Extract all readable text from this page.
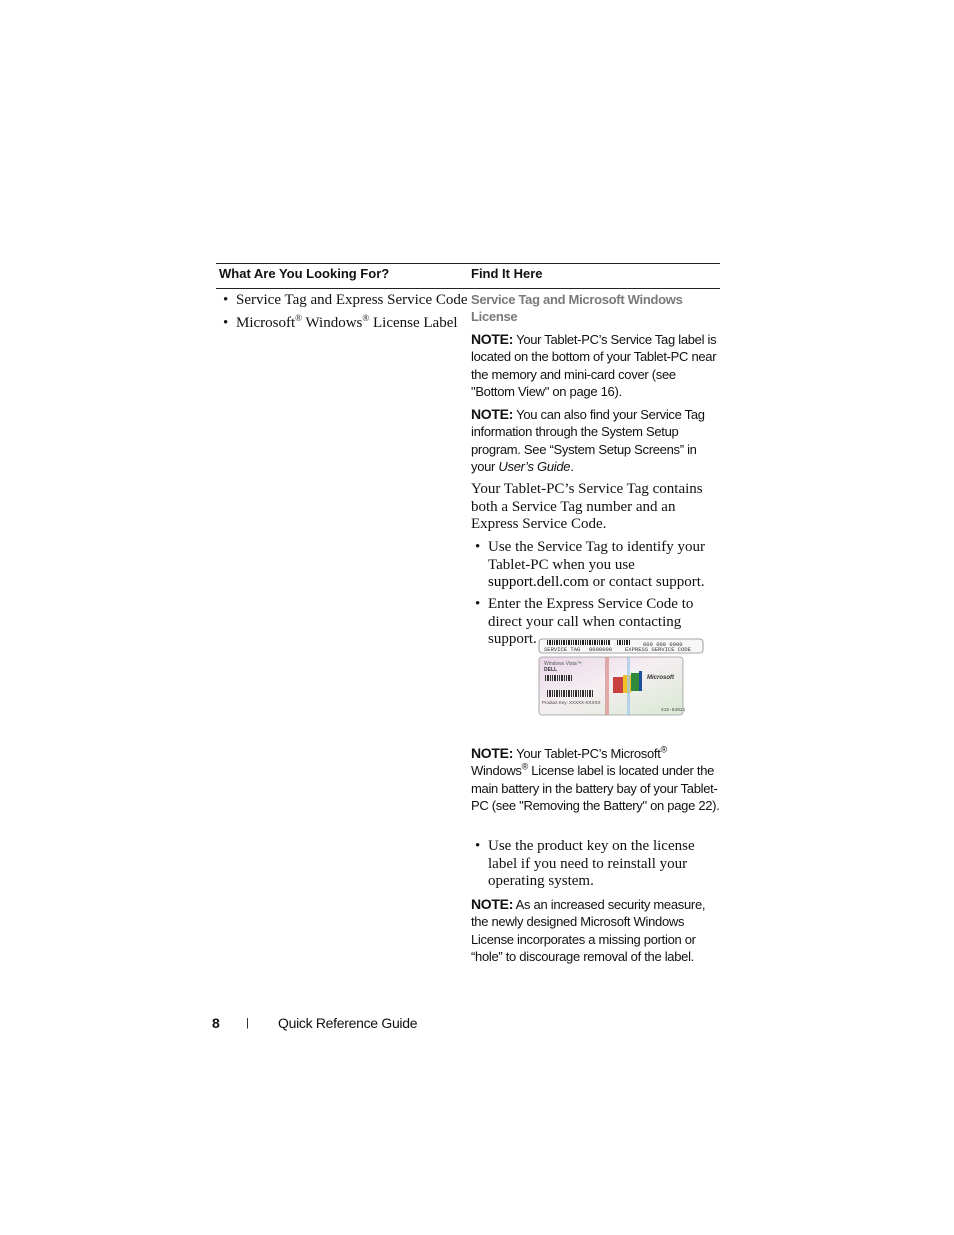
What Are You Looking For?	Find It Here
• Service Tag and Express Service Code
• Microsoft® Windows® License Label
Service Tag and Microsoft Windows License
NOTE: Your Tablet-PC’s Service Tag label is located on the bottom of your Tablet-PC near the memory and mini-card cover (see "Bottom View" on page 16).
NOTE: You can also find your Service Tag information through the System Setup program. See “System Setup Screens” in your User’s Guide.
Your Tablet-PC’s Service Tag contains both a Service Tag number and an Express Service Code.
• Use the Service Tag to identify your Tablet-PC when you use support.dell.com or contact support.
• Enter the Express Service Code to direct your call when contacting support.
SERVICE TAG 0000000
000 000 0000
EXPRESS SERVICE CODE
Windows Vista™
DELL
Product Key: XXXXX-XXXXX
Microsoft
X15-84021
NOTE: Your Tablet-PC’s Microsoft®
Windows® License label is located under the main battery in the battery bay of your Tablet-PC (see "Removing the Battery" on page 22).
• Use the product key on the license label if you need to reinstall your operating system.
NOTE: As an increased security measure, the newly designed Microsoft Windows License incorporates a missing portion or “hole” to discourage removal of the label.
8 | Quick Reference Guide
